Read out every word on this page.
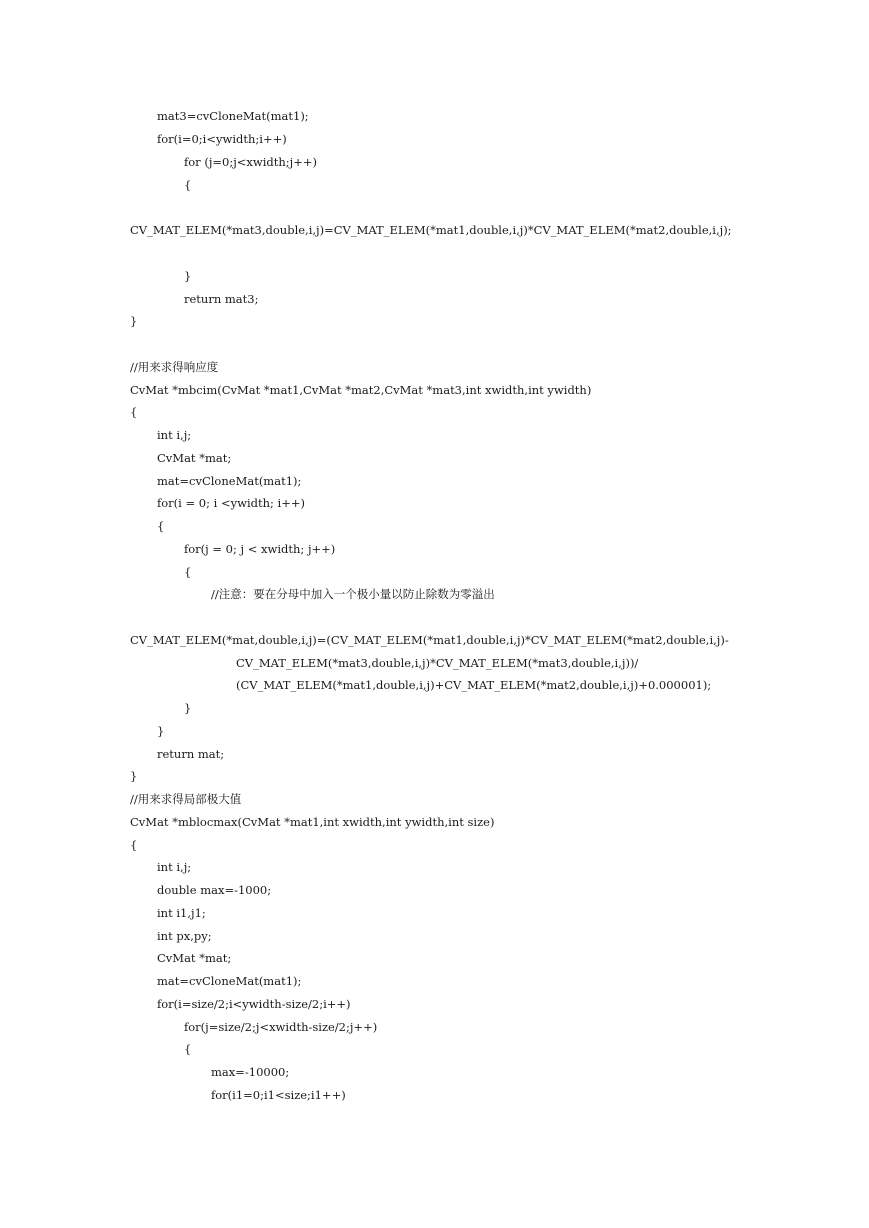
mat3=cvCloneMat(mat1);

for(i=0;i<ywidth;i++)

for (j=0;j<xwidth;j++)

{

CV_MAT_ELEM(*mat3,double,i,j)=CV_MAT_ELEM(*mat1,double,i,j)*CV_MAT_ELEM(*mat2,double,i,j);

}

return mat3;

}

//用来求得响应度

CvMat *mbcim(CvMat *mat1,CvMat *mat2,CvMat *mat3,int xwidth,int ywidth)

{

int i,j;

CvMat *mat;

mat=cvCloneMat(mat1);

for(i = 0; i <ywidth; i++)

{

for(j = 0; j < xwidth; j++)

{

//注意：要在分母中加入一个极小量以防止除数为零溢出

CV_MAT_ELEM(*mat,double,i,j)=(CV_MAT_ELEM(*mat1,double,i,j)*CV_MAT_ELEM(*mat2,double,i,j)-

CV_MAT_ELEM(*mat3,double,i,j)*CV_MAT_ELEM(*mat3,double,i,j))/

(CV_MAT_ELEM(*mat1,double,i,j)+CV_MAT_ELEM(*mat2,double,i,j)+0.000001);

}

}

return mat;

}

//用来求得局部极大值

CvMat *mblocmax(CvMat *mat1,int xwidth,int ywidth,int size)

{

int i,j;

double max=-1000;

int i1,j1;

int px,py;

CvMat *mat;

mat=cvCloneMat(mat1);

for(i=size/2;i<ywidth-size/2;i++)

for(j=size/2;j<xwidth-size/2;j++)

{

max=-10000;

for(i1=0;i1<size;i1++)
